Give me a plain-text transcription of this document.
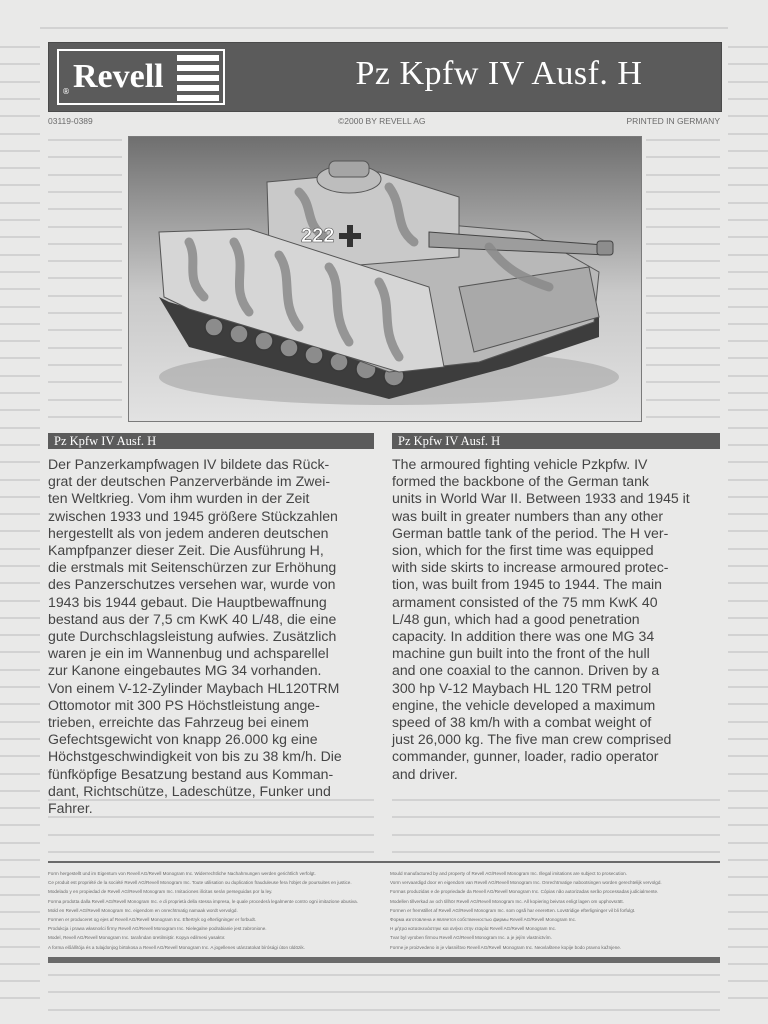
Revell
®	Pz Kpfw IV Ausf. H
03119-0389	©2000 BY REVELL AG	PRINTED IN GERMANY
222
Pz Kpfw IV Ausf. H

Der Panzerkampfwagen IV bildete das Rück-
grat der deutschen Panzerverbände im Zwei-
ten Weltkrieg. Vom ihm wurden in der Zeit
zwischen 1933 und 1945 größere Stückzahlen
hergestellt als von jedem anderen deutschen
Kampfpanzer dieser Zeit. Die Ausführung H,
die erstmals mit Seitenschürzen zur Erhöhung
des Panzerschutzes versehen war, wurde von
1943 bis 1944 gebaut. Die Hauptbewaffnung
bestand aus der 7,5 cm KwK 40 L/48, die eine
gute Durchschlagsleistung aufwies. Zusätzlich
waren je ein im Wannenbug und achsparellel
zur Kanone eingebautes MG 34 vorhanden.
Von einem V-12-Zylinder Maybach HL120TRM
Ottomotor mit 300 PS Höchstleistung ange-
trieben, erreichte das Fahrzeug bei einem
Gefechtsgewicht von knapp 26.000 kg eine
Höchstgeschwindigkeit von bis zu 38 km/h. Die
fünfköpfige Besatzung bestand aus Komman-
dant, Richtschütze, Ladeschütze, Funker und
Fahrer.

Pz Kpfw IV Ausf. H

The armoured fighting vehicle Pzkpfw. IV
formed the backbone of the German tank
units in World War II. Between 1933 and 1945 it
was built in greater numbers than any other
German battle tank of the period. The H ver-
sion, which for the first time was equipped
with side skirts to increase armoured protec-
tion, was built from 1945 to 1944. The main
armament consisted of the 75 mm KwK 40
L/48 gun, which had a good penetration
capacity. In addition there was one MG 34
machine gun built into the front of the hull
and one coaxial to the cannon. Driven by a
300 hp V-12 Maybach HL 120 TRM petrol
engine, the vehicle developed a maximum
speed of 38 km/h with a combat weight of
just 26,000 kg. The five man crew comprised
commander, gunner, loader, radio operator
and driver.

Form hergestellt und im Eigentum von Revell AG/Revell Monogram Inc. Widerrechtliche Nachahmungen werden gerichtlich verfolgt.

Ce produit est propriété de la société Revell AG/Revell Monogram Inc. Toute utilisation ou duplication frauduleuse fera l'objet de poursuites en justice.

Modelado y en propiedad de Revell AG/Revell Monogram Inc. Imitaciones ilícitas serán perseguidas por la ley.

Forma prodotta dalla Revell AG/Revell Monogram Inc. e di proprietà della stessa impresa, le quale procederà legalmente contro ogni imitazione abusiva.

Mold en Revell AG/Revell Monogram Inc. eigendom en onrechtmatig namaak wordt vervolgd.

Formen er produceret og ejes af Revell AG/Revell Monogram Inc. Eftertryk og efterligninger er forbudt.

Produkcja i prawa własności firmy Revell AG/Revell Monogram Inc. Nielegalne podrabianie jest zabronione.

Model, Revell AG/Revell Monogram Inc. tarafından üretilmiştir. Kopya edilmesi yasaktır.

A forma előállítója és a tulajdonjog birtokosa a Revell AG/Revell Monogram Inc. A jogellenes utánzatokat bírósági úton üldözik.

Mould manufactured by and property of Revell AG/Revell Monogram Inc. Illegal imitations are subject to prosecution.

Vorm vervaardigd door en eigendom van Revell AG/Revell Monogram Inc. Onrechtmatige nabootsingen worden gerechtelijk vervolgd.

Formas produzidas e de propriedade da Revell AG/Revell Monogram Inc. Cópias não autorizadas serão processadas judicialmente.

Modellen tillverkad av och tillhör Revell AG/Revell Monogram Inc. All kopiering beivras enligt lagen om upphovsrätt.

Formen er fremstillet af Revell AG/Revell Monogram Inc. som også har eneretten. Lovstridige efterligninger vil bli forfulgt.

Форма изготовлена и является собственностью фирмы Revell AG/Revell Monogram Inc.

Η μήτρα κατασκευάστηκε και ανήκει στην εταιρία Revell AG/Revell Monogram Inc.

Tvar byl vyroben firmou Revell AG/Revell Monogram Inc. a je jejím vlastnictvím.

Forme je proizvedeno in je vlasništvo Revell AG/Revell Monogram Inc. Neovlaštene kopije bodo pravno kažnjene.
